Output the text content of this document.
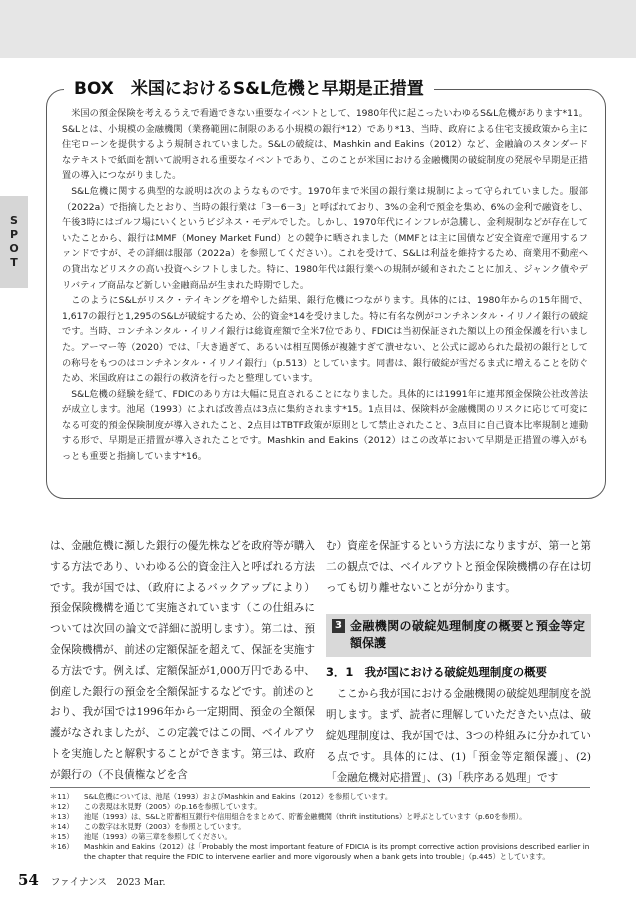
SPOT
BOX　米国におけるS&L危機と早期是正措置

米国の預金保険を考えるうえで看過できない重要なイベントとして、1980年代に起こったいわゆるS&L危機があります*11。S&Lとは、小規模の金融機関（業務範囲に制限のある小規模の銀行*12）であり*13、当時、政府による住宅支援政策から主に住宅ローンを提供するよう規制されていました。S&Lの破綻は、Mashkin and Eakins（2012）など、金融論のスタンダードなテキストで紙面を割いて説明される重要なイベントであり、このことが米国における金融機関の破綻制度の発展や早期是正措置の導入につながりました。

S&L危機に関する典型的な説明は次のようなものです。1970年まで米国の銀行業は規制によって守られていました。服部（2022a）で指摘したとおり、当時の銀行業は「3－6－3」と呼ばれており、3%の金利で預金を集め、6%の金利で融資をし、午後3時にはゴルフ場にいくというビジネス・モデルでした。しかし、1970年代にインフレが急騰し、金利規制などが存在していたことから、銀行はMMF（Money Market Fund）との競争に晒されました（MMFとは主に国債など安全資産で運用するファンドですが、その詳細は服部（2022a）を参照してください）。これを受けて、S&Lは利益を維持するため、商業用不動産への貸出などリスクの高い投資へシフトしました。特に、1980年代は銀行業への規制が緩和されたことに加え、ジャンク債やデリバティブ商品など新しい金融商品が生まれた時期でした。

このようにS&Lがリスク・テイキングを増やした結果、銀行危機につながります。具体的には、1980年からの15年間で、1,617の銀行と1,295のS&Lが破綻するため、公的資金*14を受けました。特に有名な例がコンチネンタル・イリノイ銀行の破綻です。当時、コンチネンタル・イリノイ銀行は総資産額で全米7位であり、FDICは当初保証された額以上の預金保護を行いました。アーマー等（2020）では、「大き過ぎて、あるいは相互関係が複雑すぎて潰せない、と公式に認められた最初の銀行としての称号をもつのはコンチネンタル・イリノイ銀行」（p.513）としています。同書は、銀行破綻が雪だるま式に増えることを防ぐため、米国政府はこの銀行の救済を行ったと整理しています。

S&L危機の経験を経て、FDICのあり方は大幅に見直されることになりました。具体的には1991年に連邦預金保険公社改善法が成立します。池尾（1993）によれば改善点は3点に集約されます*15。1点目は、保険料が金融機関のリスクに応じて可変になる可変的預金保険制度が導入されたこと、2点目はTBTF政策が原則として禁止されたこと、3点目に自己資本比率規制と連動する形で、早期是正措置が導入されたことです。Mashkin and Eakins（2012）はこの改革において早期是正措置の導入がもっとも重要と指摘しています*16。

は、金融危機に瀕した銀行の優先株などを政府等が購入する方法であり、いわゆる公的資金注入と呼ばれる方法です。我が国では、（政府によるバックアップにより）預金保険機構を通じて実施されています（この仕組みについては次回の論文で詳細に説明します）。第二は、預金保険機構が、前述の定額保証を超えて、保証を実施する方法です。例えば、定額保証が1,000万円である中、倒産した銀行の預金を全額保証するなどです。前述のとおり、我が国では1996年から一定期間、預金の全額保護がなされましたが、この定義ではこの間、ベイルアウトを実施したと解釈することができます。第三は、政府が銀行の（不良債権などを含

む）資産を保証するという方法になりますが、第一と第二の観点では、ベイルアウトと預金保険機構の存在は切っても切り離せないことが分かります。

3 金融機関の破綻処理制度の概要と預金等定額保護
3．1　我が国における破綻処理制度の概要

ここから我が国における金融機関の破綻処理制度を説明します。まず、読者に理解していただきたい点は、破綻処理制度は、我が国では、3つの枠組みに分かれている点です。具体的には、(1)「預金等定額保護」、(2)「金融危機対応措置」、(3)「秩序ある処理」です

＊11）	S&L危機については、池尾（1993）およびMashkin and Eakins（2012）を参照しています。
＊12）	この表現は氷見野（2005）のp.16を参照しています。
＊13）	池尾（1993）は、S&Lと貯蓄相互銀行や信用組合をまとめて、貯蓄金融機関（thrift institutions）と呼ぶとしています（p.60を参照）。
＊14）	この数字は氷見野（2003）を参照としています。
＊15）	池尾（1993）の第三章を参照してください。
＊16）	Mashkin and Eakins（2012）は「Probably the most important feature of FDICIA is its prompt corrective action provisions described earlier in the chapter that require the FDIC to intervene earlier and more vigorously when a bank gets into trouble」（p.445）としています。
54 ファイナンス　2023 Mar.
